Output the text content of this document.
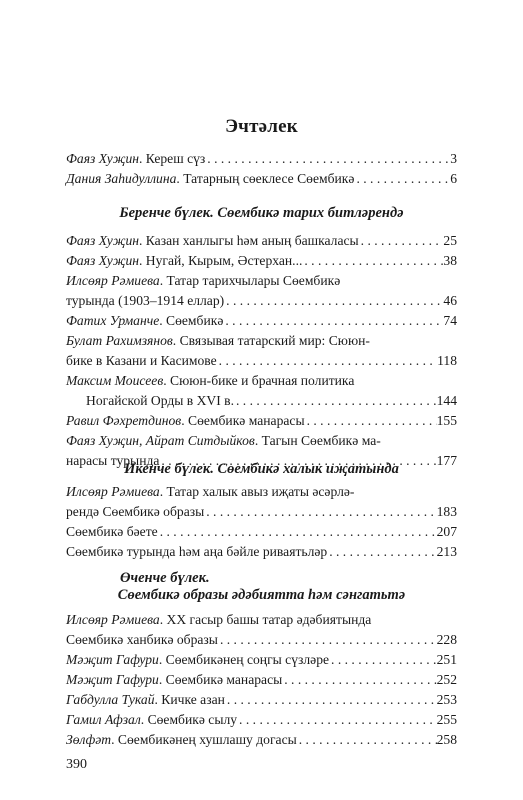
Эчтәлек
Фаяз Хуҗин . Кереш сүз . . .	3
Дания Заһидуллина . Татарның сөеклесе Сөембикә . . .	6
Беренче бүлек. Сөембикә тарих битләрендә
Фаяз Хуҗин . Казан ханлыгы һәм аның башкаласы . . .	25
Фаяз Хуҗин . Нугай, Кырым, Әстерхан... . . .	38
Илсөяр Рәмиева. Татар тарихчылары Сөембикә
турында (1903–1914 еллар) . . .	46
Фатих Урманче . Сөембикә . . .	74
Булат Рахимзянов. Связывая татарский мир: Сююн-
бике в Казани и Касимове . . .	118
Максим Моисеев. Сююн-бике и брачная политика
Ногайской Орды в XVI в. . . .	144
Равил Фәхретдинов . Сөембикә манарасы . . .	155
Фаяз Хуҗин, Айрат Ситдыйков. Тагын Сөембикә ма-
нарасы турында . . .	177
Икенче бүлек. Сөембикә халык иҗатында
Илсөяр Рәмиева. Татар халык авыз иҗаты әсәрлә-
рендә Сөембикә образы . . .	183
Сөембикә бәете . . .	207
Сөембикә турында һәм аңа бәйле риваятьләр . . .	213
Өченче бүлек.
Сөембикә образы әдәбиятта һәм сәнгатьтә
Илсөяр Рәмиева. XX гасыр башы татар әдәбиятында
Сөембикә ханбикә образы . . .	228
Мәҗит Гафури . Сөембикәнең соңгы сүзләре . . .	251
Мәҗит Гафури . Сөембикә манарасы . . .	252
Габдулла Тукай . Кичке азан . . .	253
Гамил Афзал . Сөембикә сылу . . .	255
Зөлфәт . Сөембикәнең хушлашу догасы . . .	258
390
